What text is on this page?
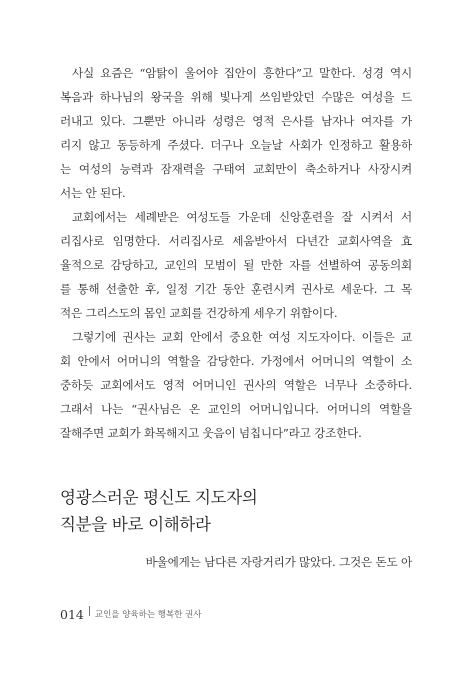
사실 요즘은 “암탉이 울어야 집안이 흥한다”고 말한다. 성경 역시
복음과 하나님의 왕국을 위해 빛나게 쓰임받았던 수많은 여성을 드
러내고 있다. 그뿐만 아니라 성령은 영적 은사를 남자나 여자를 가
리지 않고 동등하게 주셨다. 더구나 오늘날 사회가 인정하고 활용하
는 여성의 능력과 잠재력을 구태여 교회만이 축소하거나 사장시켜
서는 안 된다.

교회에서는 세례받은 여성도들 가운데 신앙훈련을 잘 시켜서 서
리집사로 임명한다. 서리집사로 세움받아서 다년간 교회사역을 효
율적으로 감당하고, 교인의 모범이 될 만한 자를 선별하여 공동의회
를 통해 선출한 후, 일정 기간 동안 훈련시켜 권사로 세운다. 그 목
적은 그리스도의 몸인 교회를 건강하게 세우기 위함이다.

그렇기에 권사는 교회 안에서 중요한 여성 지도자이다. 이들은 교
회 안에서 어머니의 역할을 감당한다. 가정에서 어머니의 역할이 소
중하듯 교회에서도 영적 어머니인 권사의 역할은 너무나 소중하다.
그래서 나는 “권사님은 온 교인의 어머니입니다. 어머니의 역할을
잘해주면 교회가 화목해지고 웃음이 넘칩니다”라고 강조한다.

영광스러운 평신도 지도자의
직분을 바로 이해하라
바울에게는 남다른 자랑거리가 많았다. 그것은 돈도 아
014 교인을 양육하는 행복한 권사
